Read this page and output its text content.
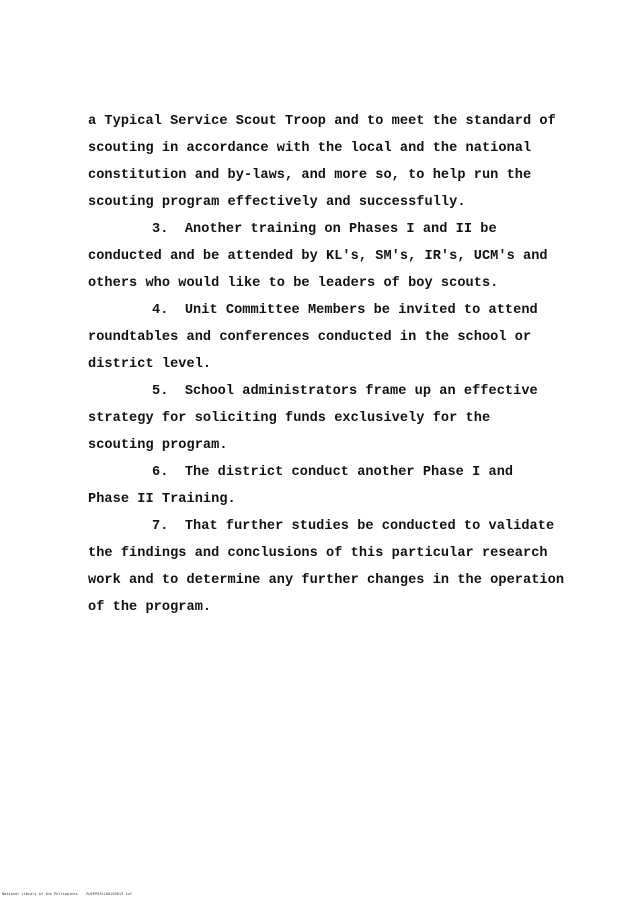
a Typical Service Scout Troop and to meet the standard of
scouting in accordance with the local and the national
constitution and by-laws, and more so, to help run the
scouting program effectively and successfully.
3.  Another training on Phases I and II be
conducted and be attended by KL's, SM's, IR's, UCM's and
others who would like to be leaders of boy scouts.
4.  Unit Committee Members be invited to attend
roundtables and conferences conducted in the school or
district level.
5.  School administrators frame up an effective
strategy for soliciting funds exclusively for the
scouting program.
6.  The district conduct another Phase I and
Phase II Training.
7.  That further studies be conducted to validate
the findings and conclusions of this particular research
work and to determine any further changes in the operation
of the program.
National Library of the Philippines    RUFEP0311A0103013 1of
